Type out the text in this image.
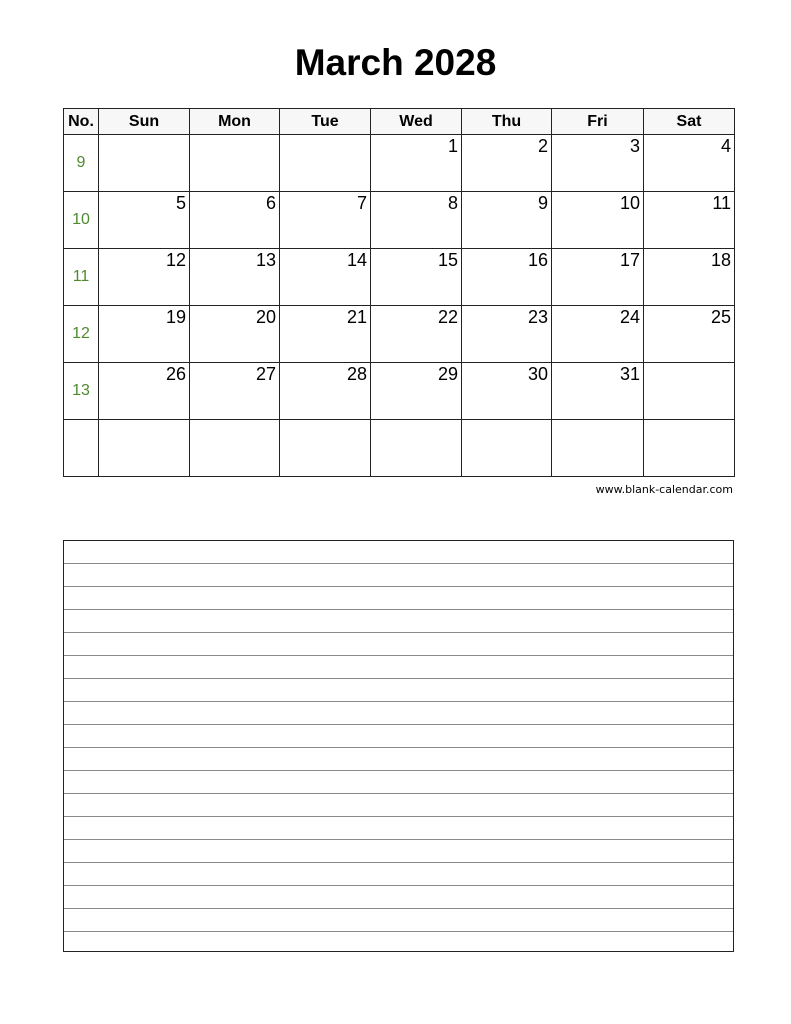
March 2028
No.	Sun	Mon	Tue	Wed	Thu	Fri	Sat
9				1	2	3	4

10	5	6	7	8	9	10	11

11	12	13	14	15	16	17	18

12	19	20	21	22	23	24	25

13	26	27	28	29	30	31	

www.blank-calendar.com
